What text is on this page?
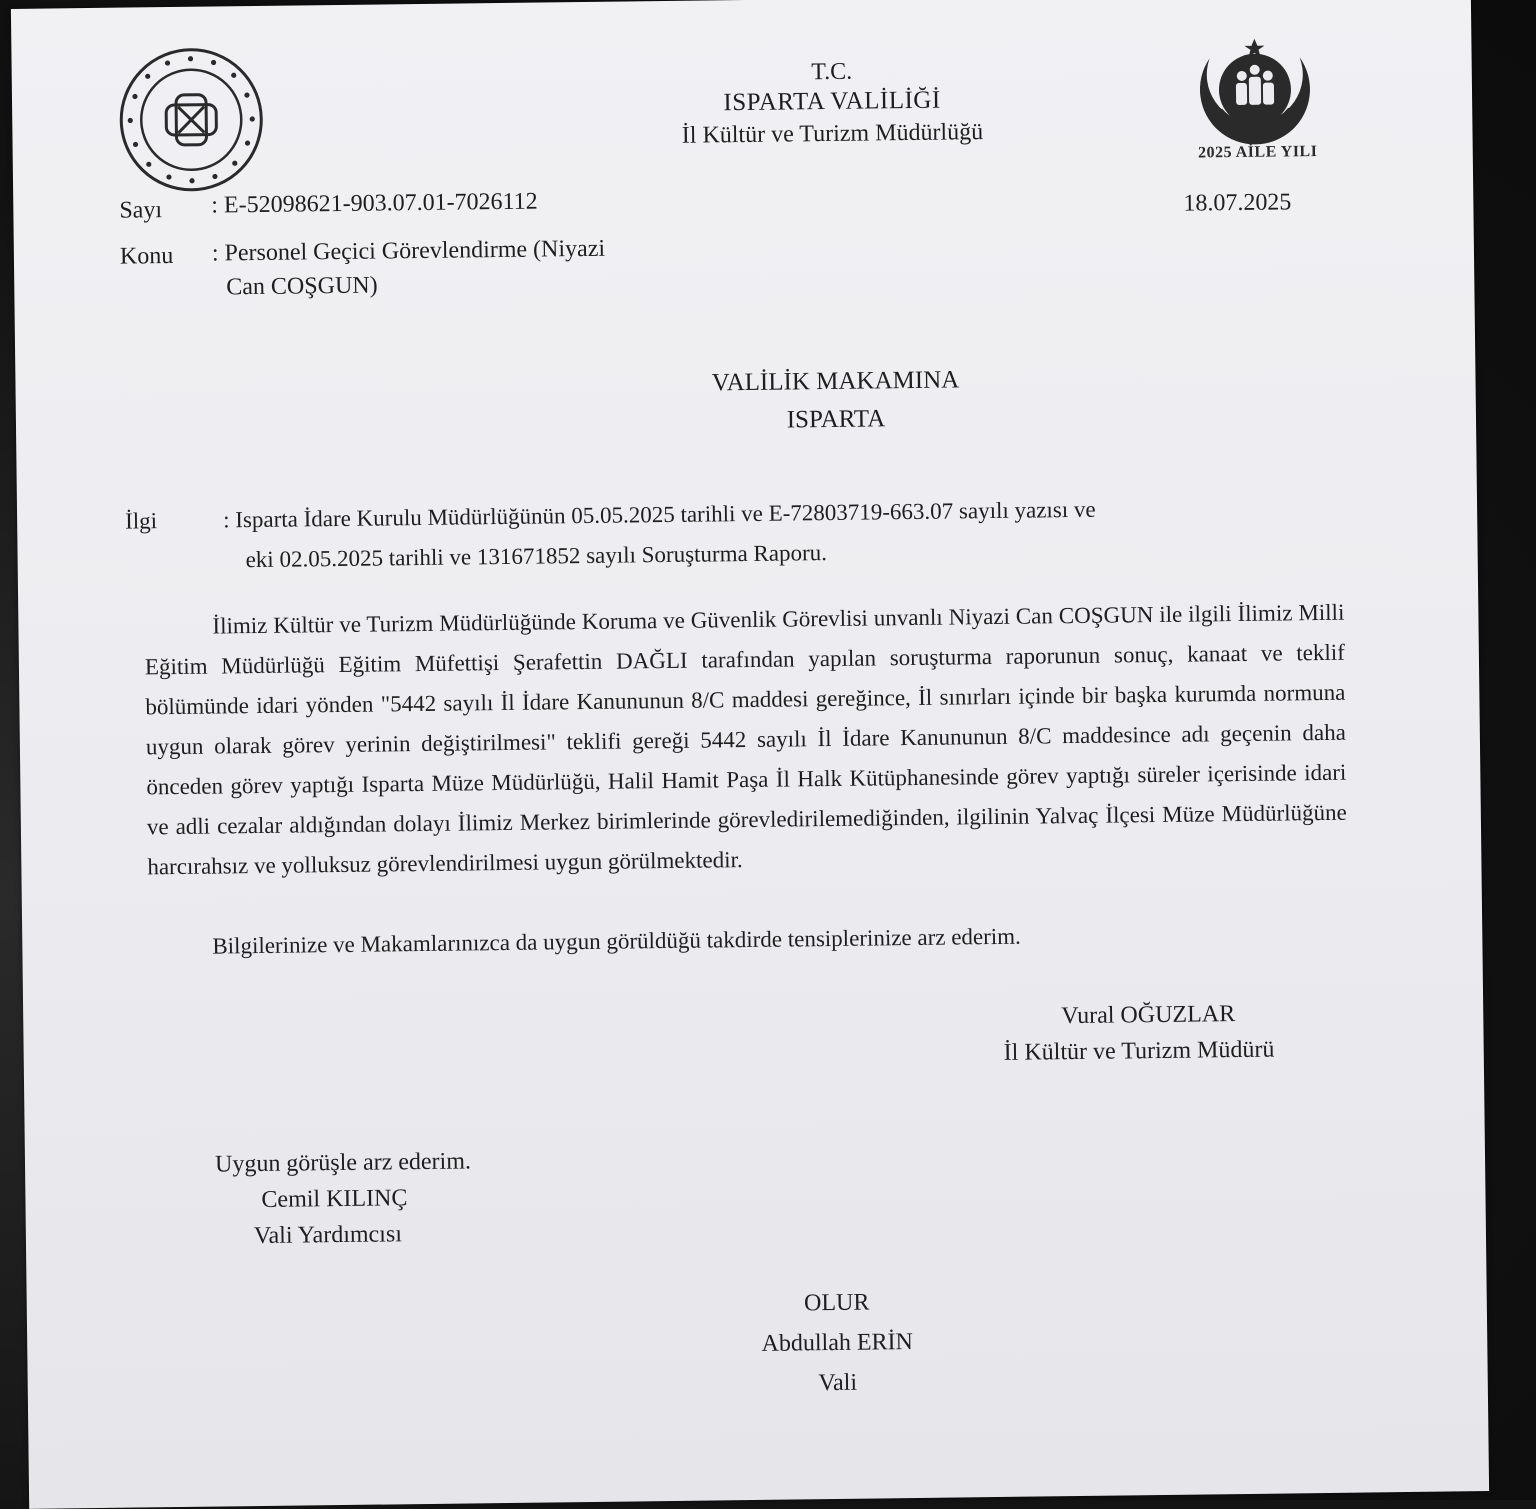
T.C.
ISPARTA VALİLİĞİ
İl Kültür ve Turizm Müdürlüğü
2025 AİLE YILI
Sayı : E-52098621-903.07.01-7026112	18.07.2025
Konu : Personel Geçici Görevlendirme (Niyazi
Can COŞGUN)
VALİLİK MAKAMINA
ISPARTA
İlgi	: Isparta İdare Kurulu Müdürlüğünün 05.05.2025 tarihli ve E-72803719-663.07 sayılı yazısı ve
eki 02.05.2025 tarihli ve 131671852 sayılı Soruşturma Raporu.
İlimiz Kültür ve Turizm Müdürlüğünde Koruma ve Güvenlik Görevlisi unvanlı Niyazi Can COŞGUN ile ilgili İlimiz Milli Eğitim Müdürlüğü Eğitim Müfettişi Şerafettin DAĞLI tarafından yapılan soruşturma raporunun sonuç, kanaat ve teklif bölümünde idari yönden "5442 sayılı İl İdare Kanununun 8/C maddesi gereğince, İl sınırları içinde bir başka kurumda normuna uygun olarak görev yerinin değiştirilmesi" teklifi gereği 5442 sayılı İl İdare Kanununun 8/C maddesince adı geçenin daha önceden görev yaptığı Isparta Müze Müdürlüğü, Halil Hamit Paşa İl Halk Kütüphanesinde görev yaptığı süreler içerisinde idari ve adli cezalar aldığından dolayı İlimiz Merkez birimlerinde görevledirilemediğinden, ilgilinin Yalvaç İlçesi Müze Müdürlüğüne harcırahsız ve yolluksuz görevlendirilmesi uygun görülmektedir.
Bilgilerinize ve Makamlarınızca da uygun görüldüğü takdirde tensiplerinize arz ederim.
Vural OĞUZLAR
İl Kültür ve Turizm Müdürü
Uygun görüşle arz ederim.
Cemil KILINÇ
Vali Yardımcısı
OLUR
Abdullah ERİN
Vali
